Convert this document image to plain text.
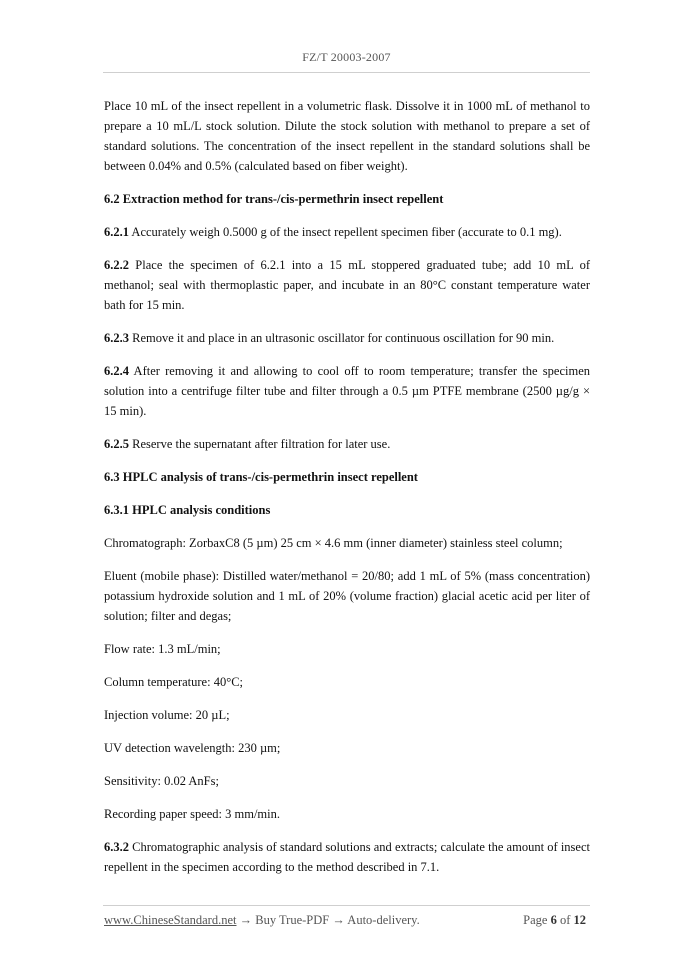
FZ/T 20003-2007

Place 10 mL of the insect repellent in a volumetric flask. Dissolve it in 1000 mL of methanol to prepare a 10 mL/L stock solution. Dilute the stock solution with methanol to prepare a set of standard solutions. The concentration of the insect repellent in the standard solutions shall be between 0.04% and 0.5% (calculated based on fiber weight).

6.2 Extraction method for trans-/cis-permethrin insect repellent

6.2.1 Accurately weigh 0.5000 g of the insect repellent specimen fiber (accurate to 0.1 mg).

6.2.2 Place the specimen of 6.2.1 into a 15 mL stoppered graduated tube; add 10 mL of methanol; seal with thermoplastic paper, and incubate in an 80°C constant temperature water bath for 15 min.

6.2.3 Remove it and place in an ultrasonic oscillator for continuous oscillation for 90 min.

6.2.4 After removing it and allowing to cool off to room temperature; transfer the specimen solution into a centrifuge filter tube and filter through a 0.5 µm PTFE membrane (2500 µg/g × 15 min).

6.2.5 Reserve the supernatant after filtration for later use.

6.3 HPLC analysis of trans-/cis-permethrin insect repellent

6.3.1 HPLC analysis conditions

Chromatograph: ZorbaxC8 (5 µm) 25 cm × 4.6 mm (inner diameter) stainless steel column;

Eluent (mobile phase): Distilled water/methanol = 20/80; add 1 mL of 5% (mass concentration) potassium hydroxide solution and 1 mL of 20% (volume fraction) glacial acetic acid per liter of solution; filter and degas;

Flow rate: 1.3 mL/min;

Column temperature: 40°C;

Injection volume: 20 µL;

UV detection wavelength: 230 µm;

Sensitivity: 0.02 AnFs;

Recording paper speed: 3 mm/min.

6.3.2 Chromatographic analysis of standard solutions and extracts; calculate the amount of insect repellent in the specimen according to the method described in 7.1.

www.ChineseStandard.net → Buy True-PDF → Auto-delivery.	Page 6 of 12
